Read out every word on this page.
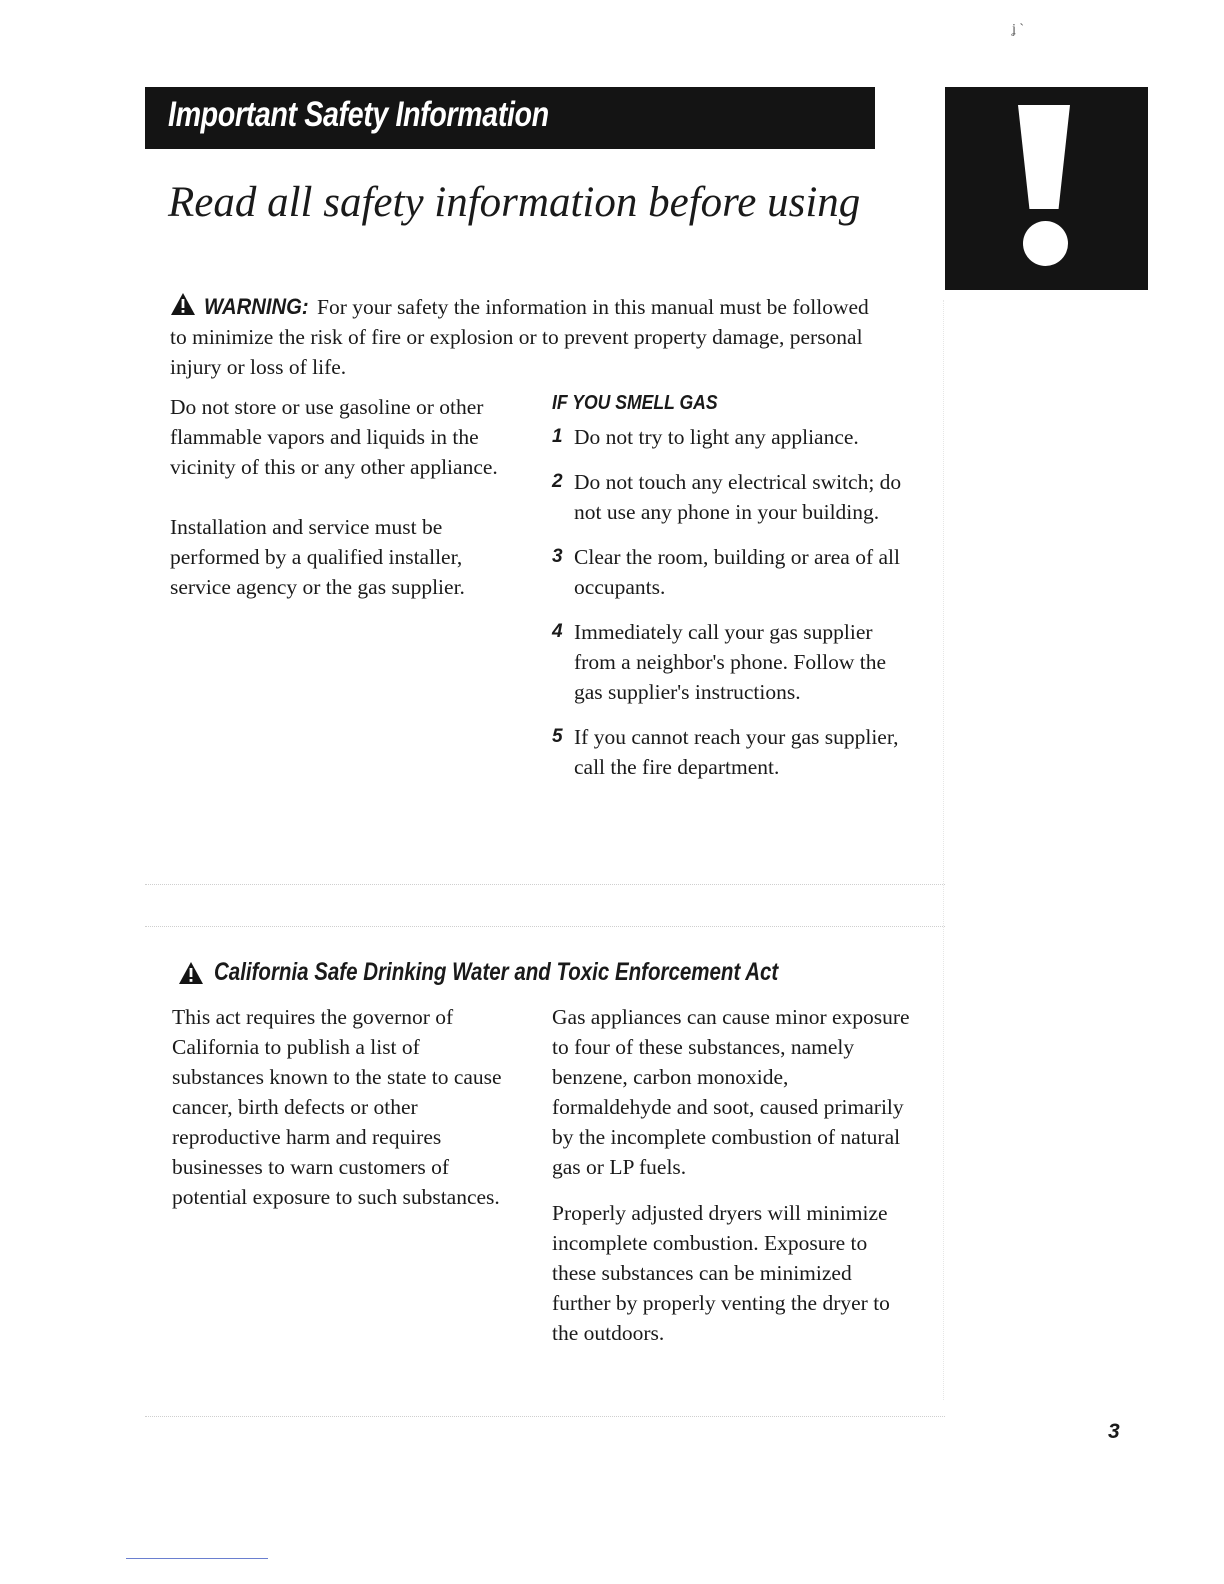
ʝ ˋ
Important Safety Information
Read all safety information before using
WARNING: For your safety the information in this manual must be followed to minimize the risk of fire or explosion or to prevent property damage, personal injury or loss of life.
Do not store or use gasoline or other flammable vapors and liquids in the vicinity of this or any other appliance.
Installation and service must be performed by a qualified installer, service agency or the gas supplier.
IF YOU SMELL GAS
1 Do not try to light any appliance.
2 Do not touch any electrical switch; do not use any phone in your building.
3 Clear the room, building or area of all occupants.
4 Immediately call your gas supplier from a neighbor's phone. Follow the gas supplier's instructions.
5 If you cannot reach your gas supplier, call the fire department.
California Safe Drinking Water and Toxic Enforcement Act
This act requires the governor of California to publish a list of substances known to the state to cause cancer, birth defects or other reproductive harm and requires businesses to warn customers of potential exposure to such substances.

Gas appliances can cause minor exposure to four of these substances, namely benzene, carbon monoxide, formaldehyde and soot, caused primarily by the incomplete combustion of natural gas or LP fuels.

Properly adjusted dryers will minimize incomplete combustion. Exposure to these substances can be minimized further by properly venting the dryer to the outdoors.

3
